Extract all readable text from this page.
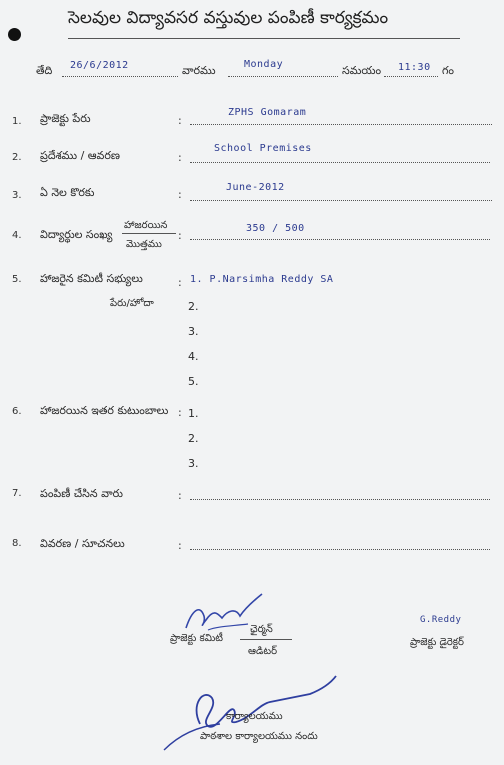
సెలవుల విద్యావసర వస్తువుల పంపిణీ కార్యక్రమం
తేది 26/6/2012	వారము	Monday	సమయం 11:30 గం
1. ప్రాజెక్టు పేరు	:
ZPHS Gomaram
2. ప్రదేశము / ఆవరణ	:
School Premises
3. ఏ నెల కొరకు	:
June-2012
4. విద్యార్థుల సంఖ్య
హాజరయిన
మొత్తము
:
350 / 500
5. హాజరైన కమిటీ సభ్యులు
పేరు/హోదా
: 1. P.Narsimha Reddy SA
2.
3.
4.
5.
6. హాజరయిన ఇతర కుటుంబాలు : 1.
2.
3.
7. పంపిణీ చేసిన వారు	:
8. వివరణ / సూచనలు	:
ప్రాజెక్టు కమిటీ
ఛైర్మన్
ఆడిటర్
G.Reddy
ప్రాజెక్టు డైరెక్టర్
కార్యాలయము
పాఠశాల కార్యాలయము నందు
